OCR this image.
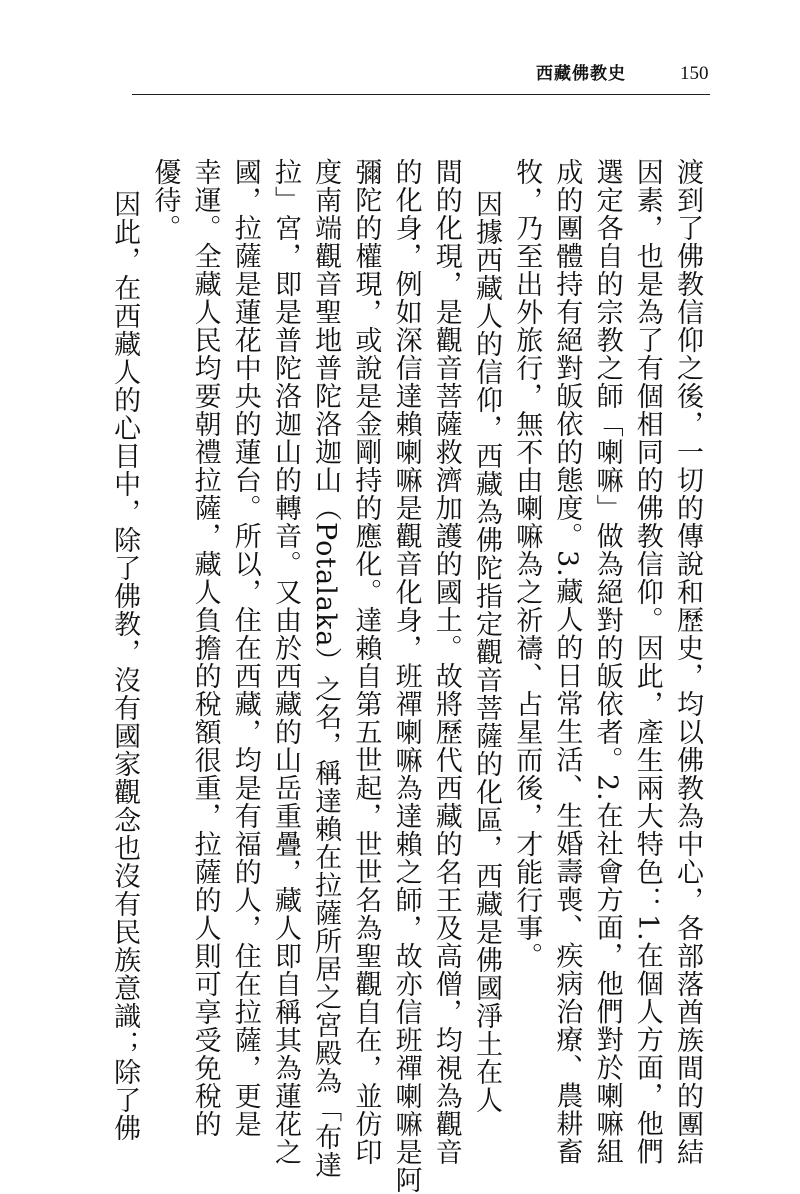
西藏佛教史	150
渡到了佛教信仰之後，一切的傳說和歷史，均以佛教為中心，各部落酋族間的團結
因素，也是為了有個相同的佛教信仰。因此，產生兩大特色：1.在個人方面，他們
選定各自的宗教之師「喇嘛」做為絕對的皈依者。2.在社會方面，他們對於喇嘛組
成的團體持有絕對皈依的態度。3.藏人的日常生活、生婚壽喪、疾病治療、農耕畜
牧，乃至出外旅行，無不由喇嘛為之祈禱、占星而後，才能行事。
因據西藏人的信仰，西藏為佛陀指定觀音菩薩的化區，西藏是佛國淨土在人
間的化現，是觀音菩薩救濟加護的國土。故將歷代西藏的名王及高僧，均視為觀音
的化身，例如深信達賴喇嘛是觀音化身，班禪喇嘛為達賴之師，故亦信班禪喇嘛是阿
彌陀的權現，或說是金剛持的應化。達賴自第五世起，世世名為聖觀自在，並仿印
度南端觀音聖地普陀洛迦山（Potalaka）之名，稱達賴在拉薩所居之宮殿為「布達
拉」宮，即是普陀洛迦山的轉音。又由於西藏的山岳重疊，藏人即自稱其為蓮花之
國，拉薩是蓮花中央的蓮台。所以，住在西藏，均是有福的人，住在拉薩，更是
幸運。全藏人民均要朝禮拉薩，藏人負擔的稅額很重，拉薩的人則可享受免稅的
優待。
因此，在西藏人的心目中，除了佛教，沒有國家觀念也沒有民族意識；除了佛
